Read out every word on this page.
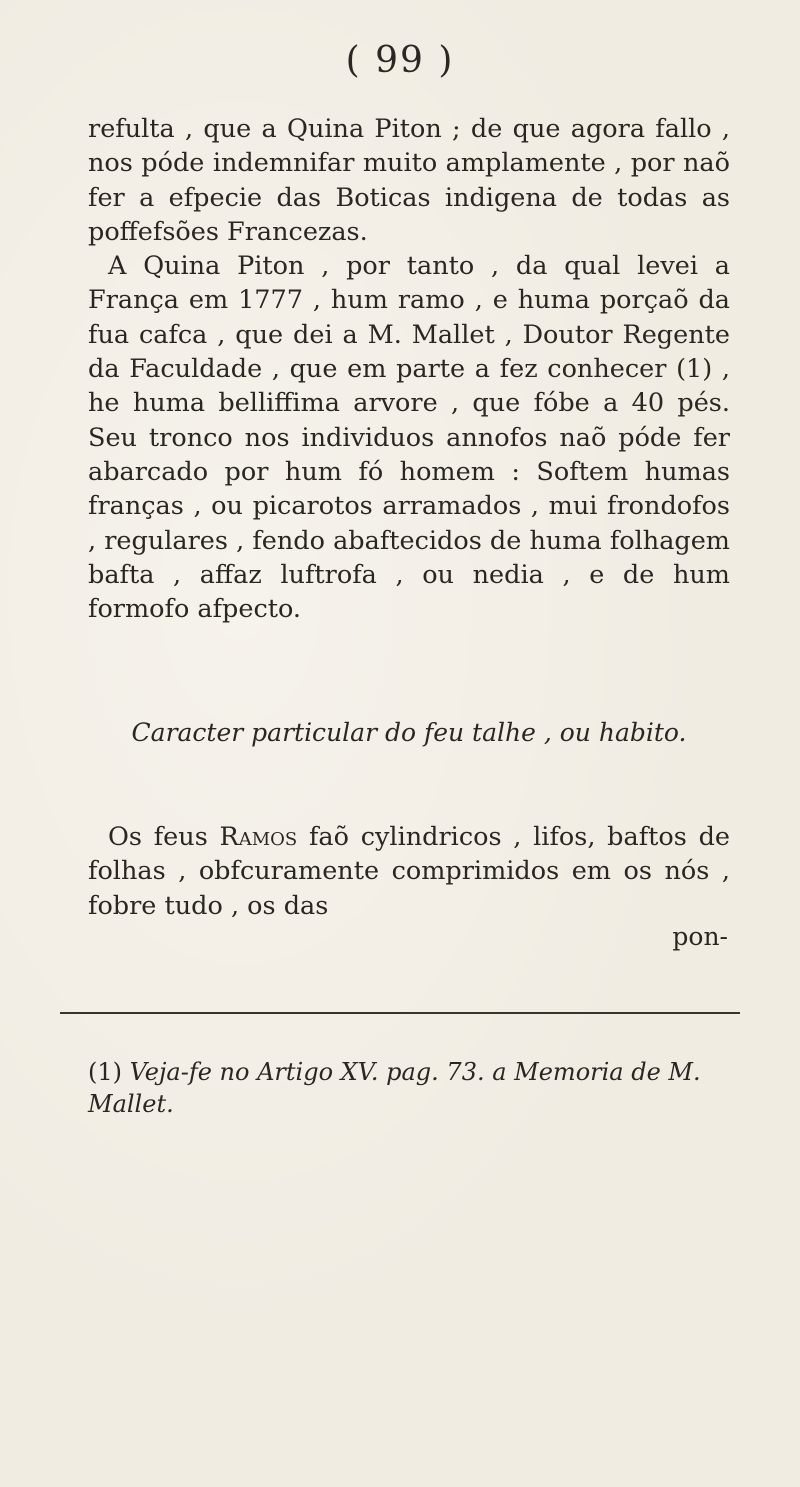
( 99 )

refulta , que a Quina Piton ; de que agora fallo , nos póde indemnifar muito amplamente , por naõ fer a efpecie das Boticas indigena de todas as poffefsões Francezas.

A Quina Piton , por tanto , da qual levei a França em 1777 , hum ramo , e huma porçaõ da fua cafca , que dei a M. Mallet , Doutor Regente da Faculdade , que em parte a fez conhecer (1) , he huma belliffima arvore , que fóbe a 40 pés. Seu tronco nos individuos annofos naõ póde fer abarcado por hum fó homem : Softem humas franças , ou picarotos arramados , mui frondofos , regulares , fendo abaftecidos de huma folhagem bafta , affaz luftrofa , ou nedia , e de hum formofo afpecto.

Caracter particular do feu talhe , ou habito.
Os feus Ramos faõ cylindricos , lifos, baftos de folhas , obfcuramente comprimidos em os nós , fobre tudo , os das
pon-
(1) Veja-fe no Artigo XV. pag. 73. a Memoria de M. Mallet.
